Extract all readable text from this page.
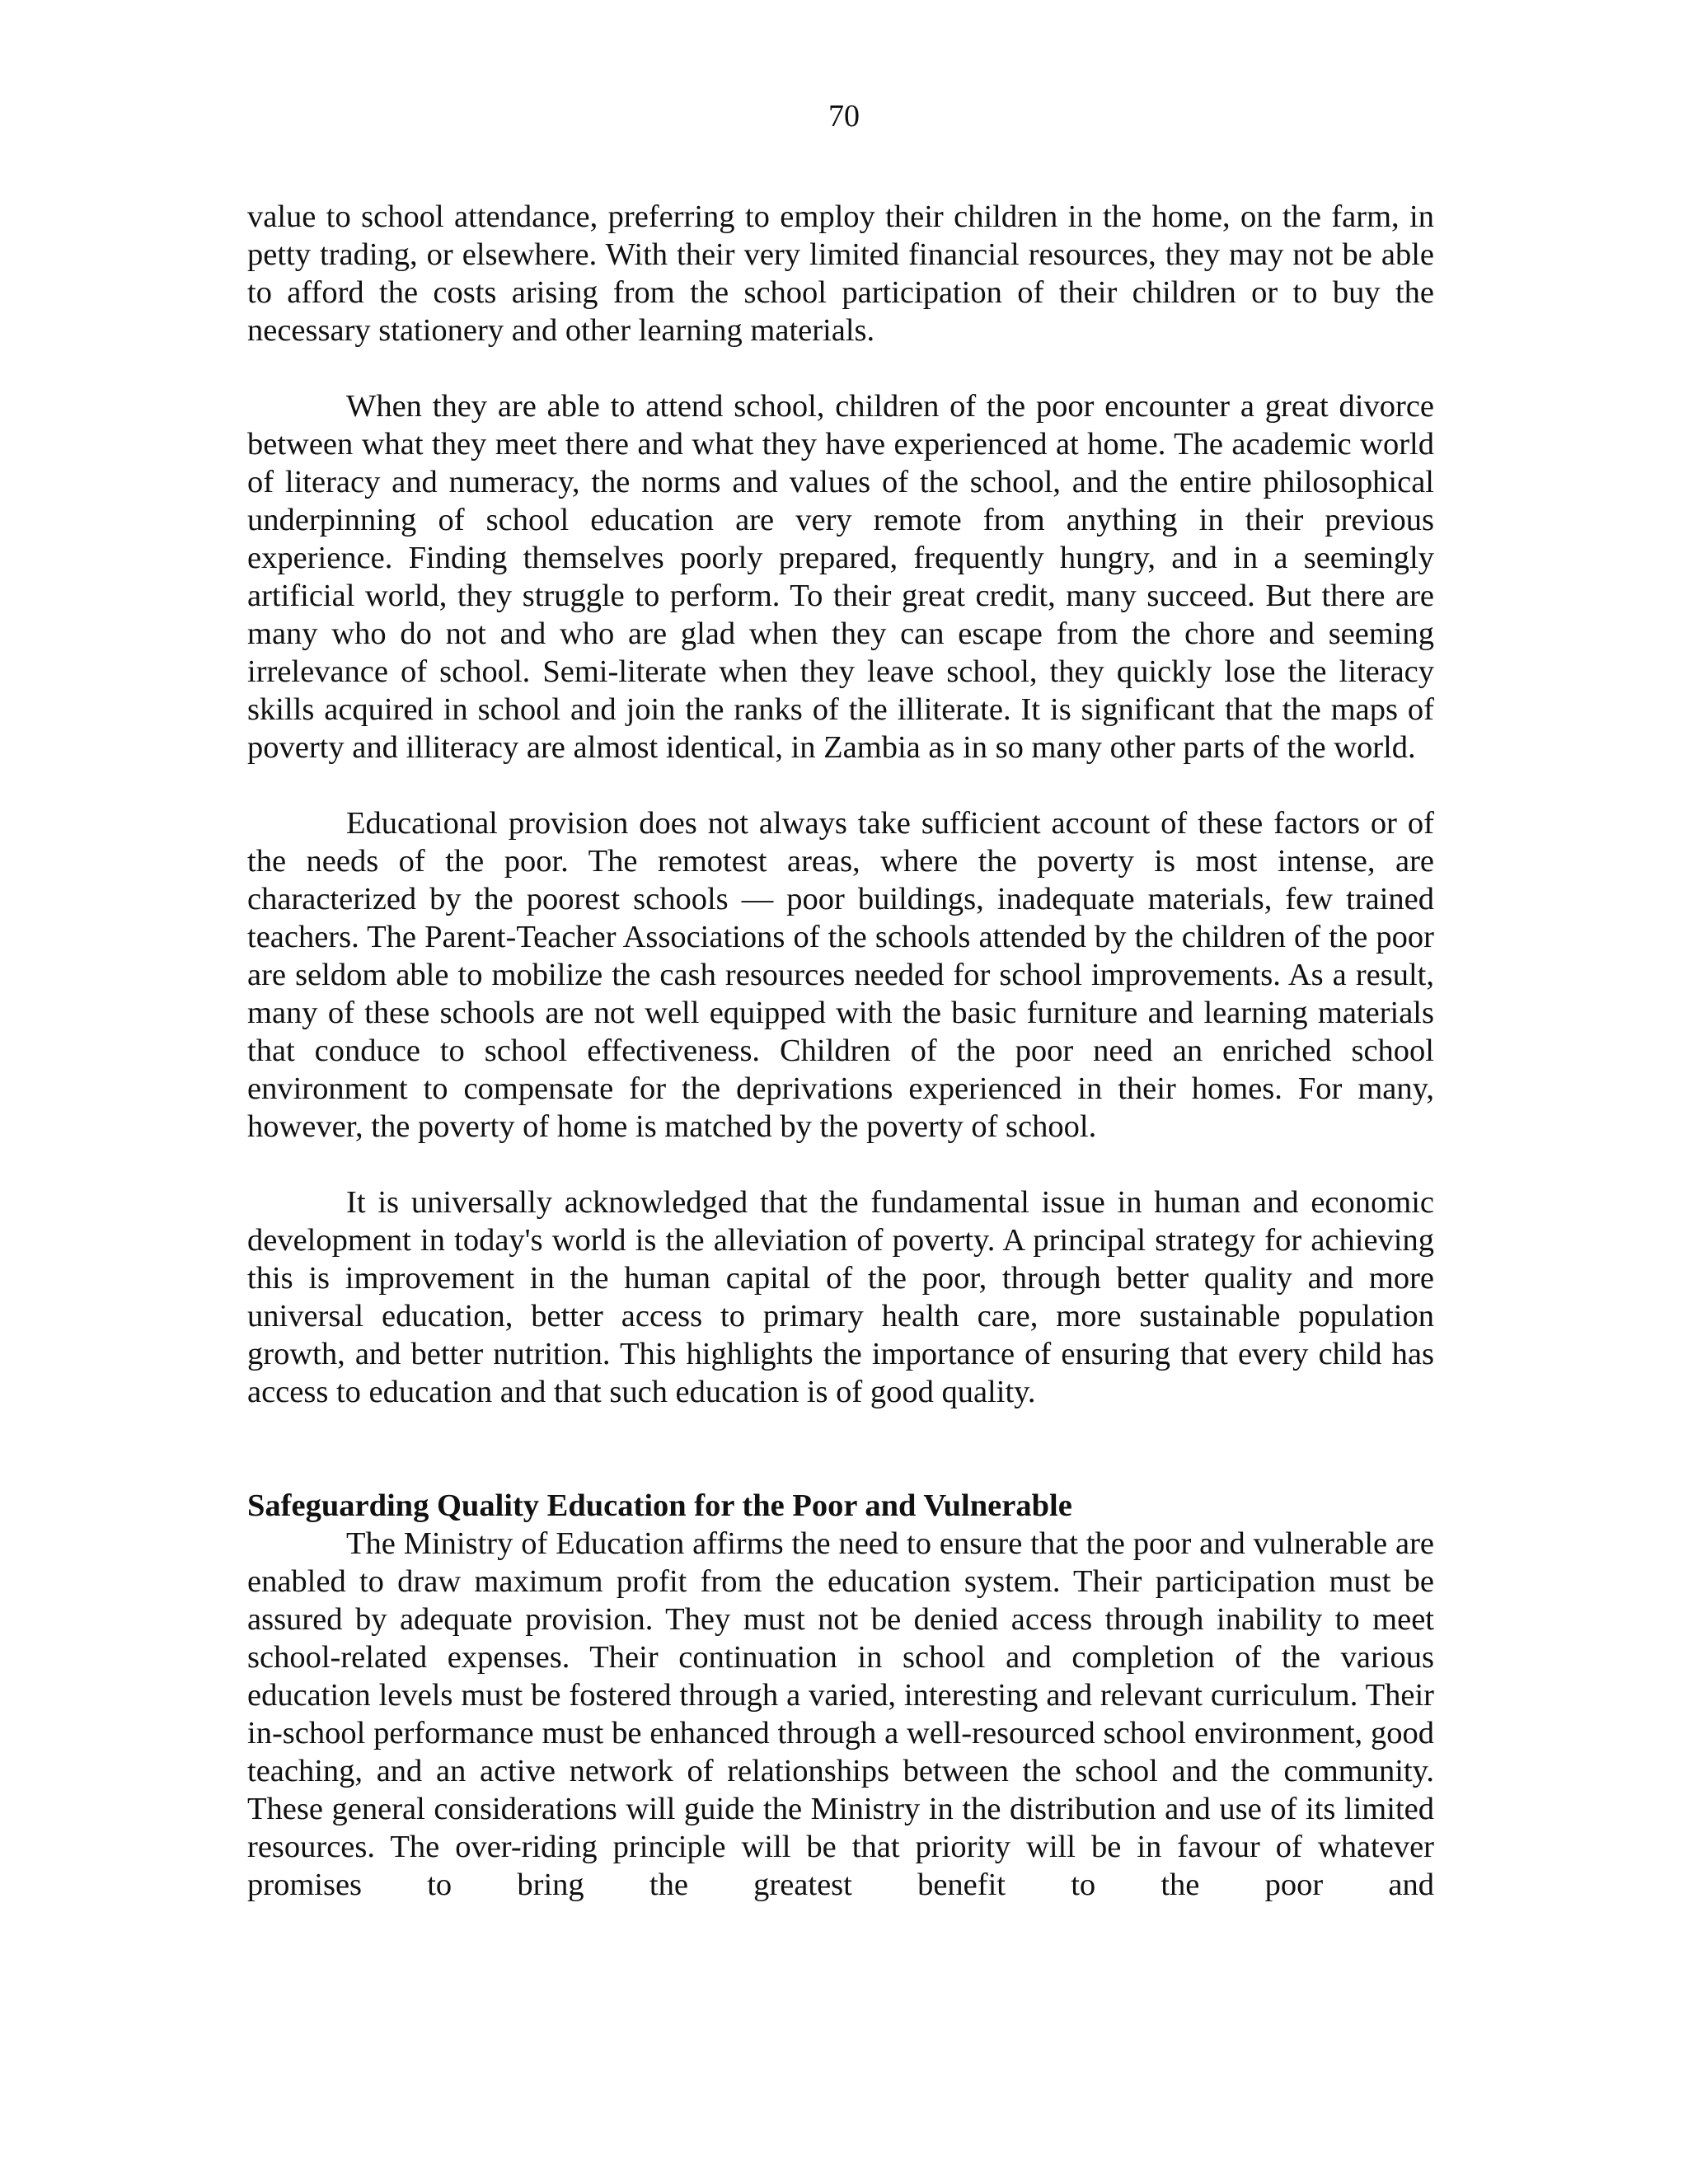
70

value to school attendance, preferring to employ their children in the home, on the farm, in petty trading, or elsewhere. With their very limited financial resources, they may not be able to afford the costs arising from the school participation of their children or to buy the necessary stationery and other learning materials.

When they are able to attend school, children of the poor encounter a great divorce between what they meet there and what they have experienced at home. The academic world of literacy and numeracy, the norms and values of the school, and the entire philosophical underpinning of school education are very remote from anything in their previous experience. Finding themselves poorly prepared, frequently hungry, and in a seemingly artificial world, they struggle to perform. To their great credit, many succeed. But there are many who do not and who are glad when they can escape from the chore and seeming irrelevance of school. Semi-literate when they leave school, they quickly lose the literacy skills acquired in school and join the ranks of the illiterate. It is significant that the maps of poverty and illiteracy are almost identical, in Zambia as in so many other parts of the world.

Educational provision does not always take sufficient account of these factors or of the needs of the poor. The remotest areas, where the poverty is most intense, are characterized by the poorest schools — poor buildings, inadequate materials, few trained teachers. The Parent-Teacher Associations of the schools attended by the children of the poor are seldom able to mobilize the cash resources needed for school improvements. As a result, many of these schools are not well equipped with the basic furniture and learning materials that conduce to school effectiveness. Children of the poor need an enriched school environment to compensate for the deprivations experienced in their homes. For many, however, the poverty of home is matched by the poverty of school.

It is universally acknowledged that the fundamental issue in human and economic development in today's world is the alleviation of poverty. A principal strategy for achieving this is improvement in the human capital of the poor, through better quality and more universal education, better access to primary health care, more sustainable population growth, and better nutrition. This highlights the importance of ensuring that every child has access to education and that such education is of good quality.

Safeguarding Quality Education for the Poor and Vulnerable

The Ministry of Education affirms the need to ensure that the poor and vulnerable are enabled to draw maximum profit from the education system. Their participation must be assured by adequate provision. They must not be denied access through inability to meet school-related expenses. Their continuation in school and completion of the various education levels must be fostered through a varied, interesting and relevant curriculum. Their in-school performance must be enhanced through a well-resourced school environment, good teaching, and an active network of relationships between the school and the community. These general considerations will guide the Ministry in the distribution and use of its limited resources. The over-riding principle will be that priority will be in favour of whatever promises to bring the greatest benefit to the poor and
